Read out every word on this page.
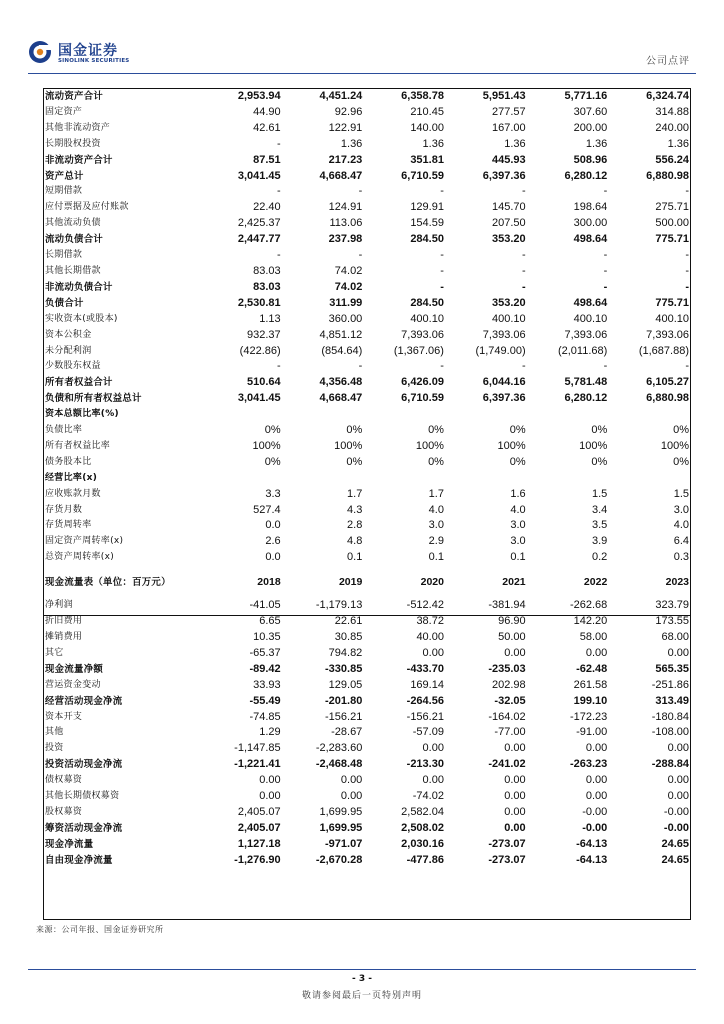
国金证券
SINOLINK SECURITIES	公司点评
流动资产合计	2,953.94	4,451.24	6,358.78	5,951.43	5,771.16	6,324.74
固定资产	44.90	92.96	210.45	277.57	307.60	314.88
其他非流动资产	42.61	122.91	140.00	167.00	200.00	240.00
长期股权投资	-	1.36	1.36	1.36	1.36	1.36
非流动资产合计	87.51	217.23	351.81	445.93	508.96	556.24
资产总计	3,041.45	4,668.47	6,710.59	6,397.36	6,280.12	6,880.98
短期借款	-	-	-	-	-	-
应付票据及应付账款	22.40	124.91	129.91	145.70	198.64	275.71
其他流动负债	2,425.37	113.06	154.59	207.50	300.00	500.00
流动负债合计	2,447.77	237.98	284.50	353.20	498.64	775.71
长期借款	-	-	-	-	-	-
其他长期借款	83.03	74.02	-	-	-	-
非流动负债合计	83.03	74.02	-	-	-	-
负债合计	2,530.81	311.99	284.50	353.20	498.64	775.71
实收资本(或股本)	1.13	360.00	400.10	400.10	400.10	400.10
资本公积金	932.37	4,851.12	7,393.06	7,393.06	7,393.06	7,393.06
未分配利润	(422.86)	(854.64)	(1,367.06)	(1,749.00)	(2,011.68)	(1,687.88)
少数股东权益	-	-	-	-	-	-
所有者权益合计	510.64	4,356.48	6,426.09	6,044.16	5,781.48	6,105.27
负债和所有者权益总计	3,041.45	4,668.47	6,710.59	6,397.36	6,280.12	6,880.98
资本总额比率(%)						
负债比率	0%	0%	0%	0%	0%	0%
所有者权益比率	100%	100%	100%	100%	100%	100%
债务股本比	0%	0%	0%	0%	0%	0%
经营比率(x)						
应收账款月数	3.3	1.7	1.7	1.6	1.5	1.5
存货月数	527.4	4.3	4.0	4.0	3.4	3.0
存货周转率	0.0	2.8	3.0	3.0	3.5	4.0
固定资产周转率(x)	2.6	4.8	2.9	3.0	3.9	6.4
总资产周转率(x)	0.0	0.1	0.1	0.1	0.2	0.3
现金流量表（单位：百万元）	2018	2019	2020	2021	2022	2023
净利润	-41.05	-1,179.13	-512.42	-381.94	-262.68	323.79
折旧费用	6.65	22.61	38.72	96.90	142.20	173.55
摊销费用	10.35	30.85	40.00	50.00	58.00	68.00
其它	-65.37	794.82	0.00	0.00	0.00	0.00
现金流量净额	-89.42	-330.85	-433.70	-235.03	-62.48	565.35
营运资金变动	33.93	129.05	169.14	202.98	261.58	-251.86
经营活动现金净流	-55.49	-201.80	-264.56	-32.05	199.10	313.49
资本开支	-74.85	-156.21	-156.21	-164.02	-172.23	-180.84
其他	1.29	-28.67	-57.09	-77.00	-91.00	-108.00
投资	-1,147.85	-2,283.60	0.00	0.00	0.00	0.00
投资活动现金净流	-1,221.41	-2,468.48	-213.30	-241.02	-263.23	-288.84
债权募资	0.00	0.00	0.00	0.00	0.00	0.00
其他长期债权募资	0.00	0.00	-74.02	0.00	0.00	0.00
股权募资	2,405.07	1,699.95	2,582.04	0.00	-0.00	-0.00
筹资活动现金净流	2,405.07	1,699.95	2,508.02	0.00	-0.00	-0.00
现金净流量	1,127.18	-971.07	2,030.16	-273.07	-64.13	24.65
自由现金净流量	-1,276.90	-2,670.28	-477.86	-273.07	-64.13	24.65
来源：公司年报、国金证券研究所
- 3 -
敬请参阅最后一页特别声明
